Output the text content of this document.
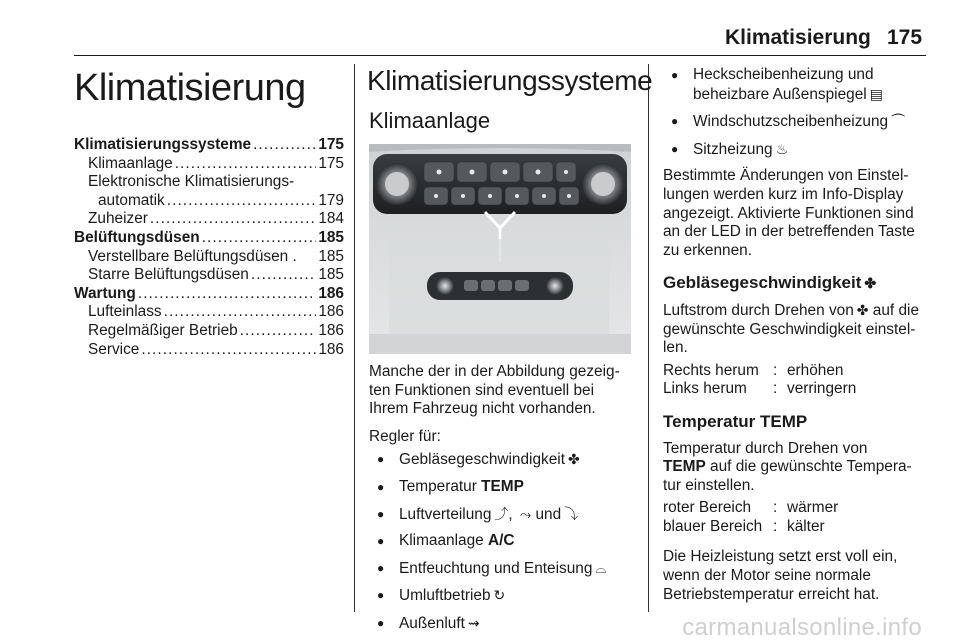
Klimatisierung 175
Klimatisierung
Klimatisierungssysteme . . .	175
Klimaanlage . . .	175
Elektronische Klimatisierungs-
automatik . . .	179
Zuheizer . . .	184
Belüftungsdüsen . . .	185
Verstellbare Belüftungsdüsen . 185
Starre Belüftungsdüsen . . .	185
Wartung . . .	186
Lufteinlass . . .	186
Regelmäßiger Betrieb . . .	186
Service . . .	186
Klimatisierungssysteme
Klimaanlage

Manche der in der Abbildung gezeig-

ten Funktionen sind eventuell bei

Ihrem Fahrzeug nicht vorhanden.

Regler für:

● Gebläsegeschwindigkeit ✤
● Temperatur TEMP
● Luftverteilung ⤴, ⤳ und ⤵
● Klimaanlage A/C
● Entfeuchtung und Enteisung ⌓
● Umluftbetrieb ↻
● Außenluft ⇝
● Heckscheibenheizung und
beheizbare Außenspiegel ▤
● Windschutzscheibenheizung ⏜
● Sitzheizung ♨

Bestimmte Änderungen von Einstel-

lungen werden kurz im Info-Display

angezeigt. Aktivierte Funktionen sind

an der LED in der betreffenden Taste

zu erkennen.

Gebläsegeschwindigkeit ✤

Luftstrom durch Drehen von ✤ auf die

gewünschte Geschwindigkeit einstel-

len.

Rechts herum : erhöhen
Links herum	: verringern
Temperatur TEMP

Temperatur durch Drehen von

TEMP auf die gewünschte Tempera-

tur einstellen.

roter Bereich	: wärmer
blauer Bereich : kälter

Die Heizleistung setzt erst voll ein,

wenn der Motor seine normale

Betriebstemperatur erreicht hat.

carmanualsonline.info
